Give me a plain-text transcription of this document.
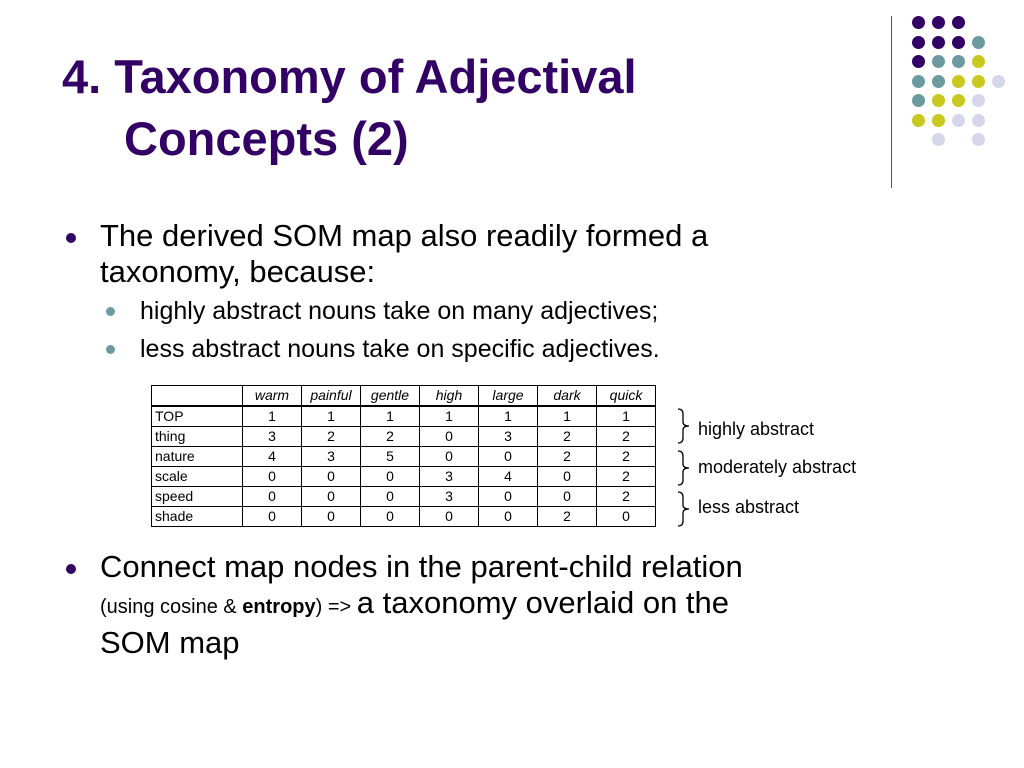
4. Taxonomy of Adjectival
Concepts (2)

The derived SOM map also readily formed a
taxonomy, because:

highly abstract nouns take on many adjectives;

less abstract nouns take on specific adjectives.

	warm	painful	gentle	high	large	dark	quick
TOP	1	1	1	1	1	1	1
thing	3	2	2	0	3	2	2
nature	4	3	5	0	0	2	2
scale	0	0	0	3	4	0	2
speed	0	0	0	3	0	0	2
shade	0	0	0	0	0	2	0
highly abstract
moderately abstract
less abstract

Connect map nodes in the parent-child relation
(using cosine & entropy) => a taxonomy overlaid on the
SOM map
